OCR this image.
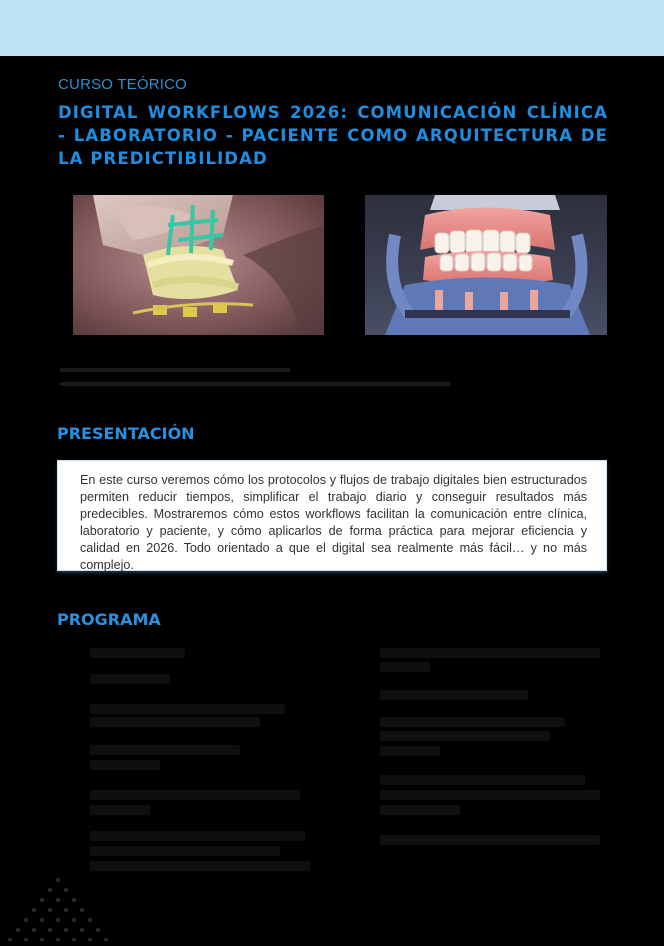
CURSO TEÓRICO
DIGITAL WORKFLOWS 2026: COMUNICACIÓN CLÍNICA - LABORATORIO - PACIENTE COMO ARQUITECTURA DE LA PREDICTIBILIDAD
PRESENTACIÓN
En este curso veremos cómo los protocolos y flujos de trabajo digitales bien estructurados permiten reducir tiempos, simplificar el trabajo diario y conseguir resultados más predecibles. Mostraremos cómo estos workflows facilitan la comunicación entre clínica, laboratorio y paciente, y cómo aplicarlos de forma práctica para mejorar eficiencia y calidad en 2026. Todo orientado a que el digital sea realmente más fácil… y no más complejo.
PROGRAMA
